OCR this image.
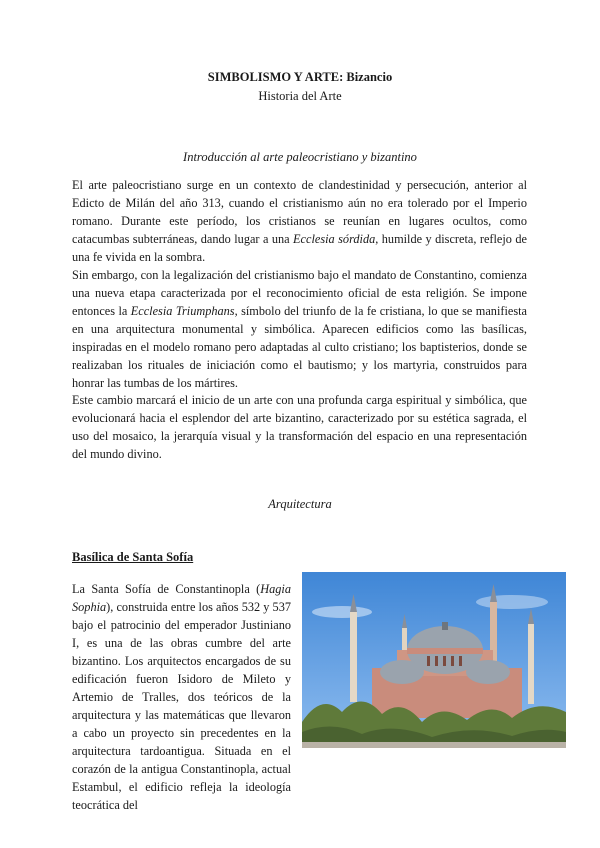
SIMBOLISMO Y ARTE: Bizancio
Historia del Arte
Introducción al arte paleocristiano y bizantino

El arte paleocristiano surge en un contexto de clandestinidad y persecución, anterior al Edicto de Milán del año 313, cuando el cristianismo aún no era tolerado por el Imperio romano. Durante este período, los cristianos se reunían en lugares ocultos, como catacumbas subterráneas, dando lugar a una Ecclesia sórdida, humilde y discreta, reflejo de una fe vivida en la sombra.

Sin embargo, con la legalización del cristianismo bajo el mandato de Constantino, comienza una nueva etapa caracterizada por el reconocimiento oficial de esta religión. Se impone entonces la Ecclesia Triumphans, símbolo del triunfo de la fe cristiana, lo que se manifiesta en una arquitectura monumental y simbólica. Aparecen edificios como las basílicas, inspiradas en el modelo romano pero adaptadas al culto cristiano; los baptisterios, donde se realizaban los rituales de iniciación como el bautismo; y los martyria, construidos para honrar las tumbas de los mártires.

Este cambio marcará el inicio de un arte con una profunda carga espiritual y simbólica, que evolucionará hacia el esplendor del arte bizantino, caracterizado por su estética sagrada, el uso del mosaico, la jerarquía visual y la transformación del espacio en una representación del mundo divino.

Arquitectura
Basílica de Santa Sofía

La Santa Sofía de Constantinopla (Hagia Sophia), construida entre los años 532 y 537 bajo el patrocinio del emperador Justiniano I, es una de las obras cumbre del arte bizantino. Los arquitectos encargados de su edificación fueron Isidoro de Mileto y Artemio de Tralles, dos teóricos de la arquitectura y las matemáticas que llevaron a cabo un proyecto sin precedentes en la arquitectura tardoantigua. Situada en el corazón de la antigua Constantinopla, actual Estambul, el edificio refleja la ideología teocrática del
